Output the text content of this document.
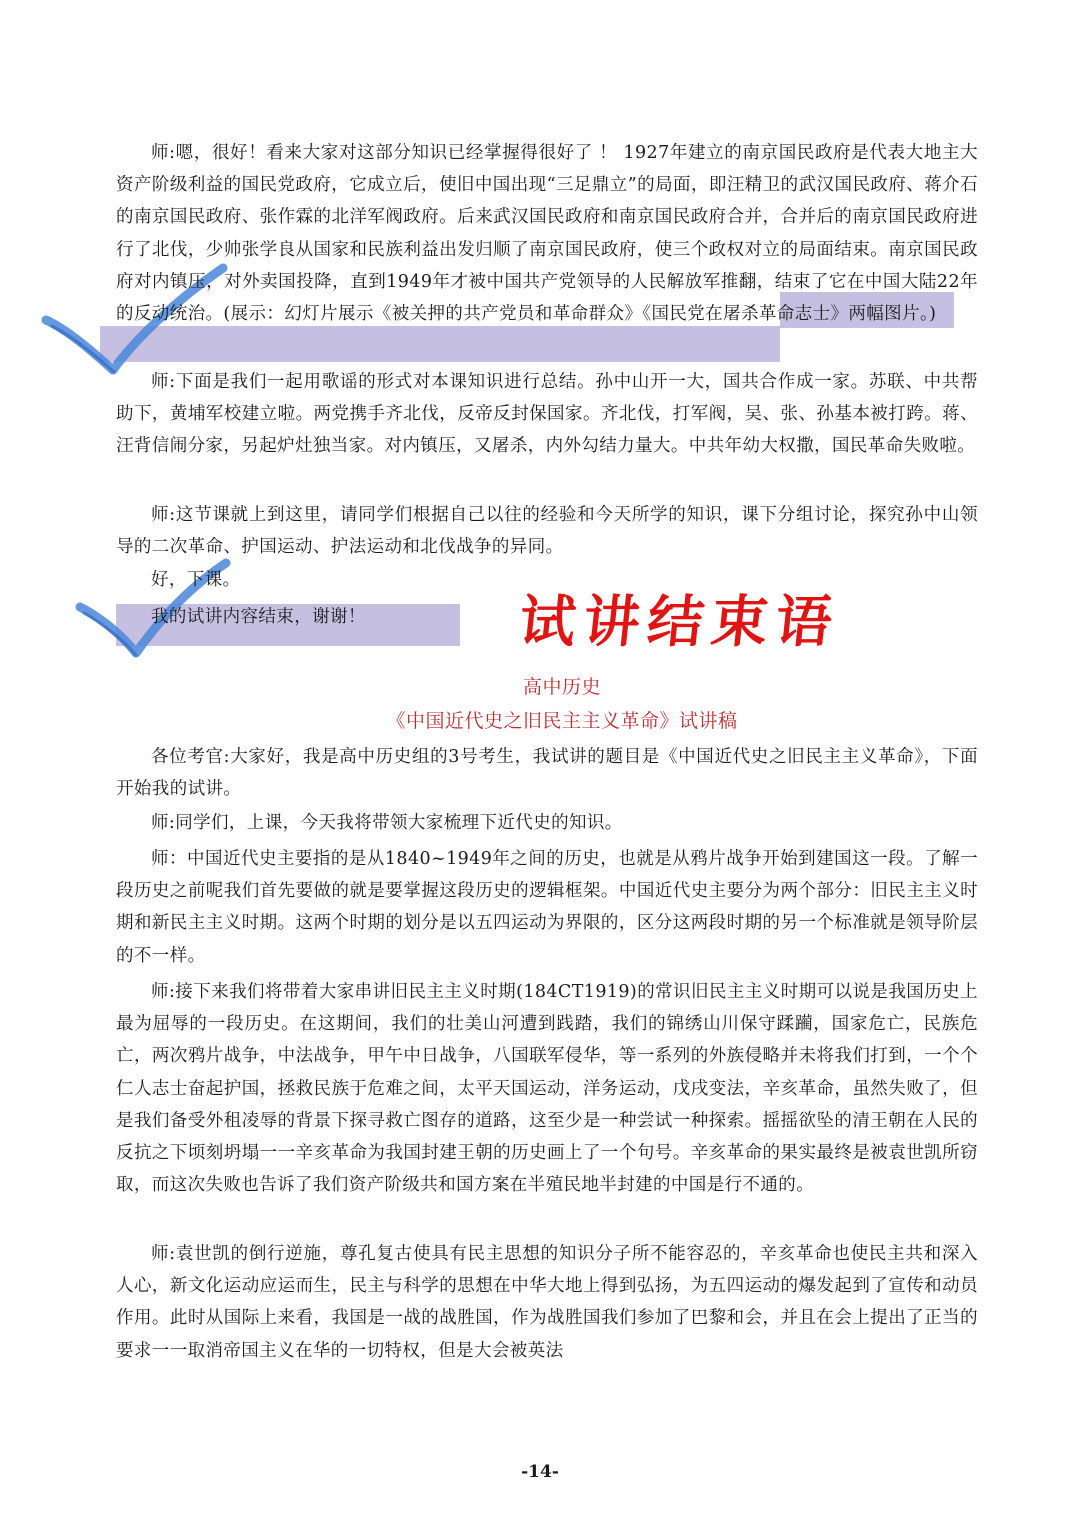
师:嗯，很好！看来大家对这部分知识已经掌握得很好了 ！ 1927年建立的南京国民政府是代表大地主大资产阶级利益的国民党政府，它成立后，使旧中国出现“三足鼎立”的局面，即汪精卫的武汉国民政府、蒋介石的南京国民政府、张作霖的北洋军阀政府。后来武汉国民政府和南京国民政府合并，合并后的南京国民政府进行了北伐，少帅张学良从国家和民族利益出发归顺了南京国民政府，使三个政权对立的局面结束。南京国民政府对内镇压，对外卖国投降，直到1949年才被中国共产党领导的人民解放军推翻，结束了它在中国大陆22年的反动统治。(展示：幻灯片展示《被关押的共产党员和革命群众》《国民党在屠杀革命志士》两幅图片。)

师:下面是我们一起用歌谣的形式对本课知识进行总结。孙中山开一大，国共合作成一家。苏联、中共帮助下，黄埔军校建立啦。两党携手齐北伐，反帝反封保国家。齐北伐，打军阀，吴、张、孙基本被打跨。蒋、汪背信闹分家，另起炉灶独当家。对内镇压，又屠杀，内外勾结力量大。中共年幼大权撒，国民革命失败啦。

师:这节课就上到这里，请同学们根据自己以往的经验和今天所学的知识，课下分组讨论，探究孙中山领导的二次革命、护国运动、护法运动和北伐战争的异同。

好，下课。

我的试讲内容结束，谢谢！	试讲结束语
高中历史
《中国近代史之旧民主主义革命》试讲稿

各位考官:大家好，我是高中历史组的3号考生，我试讲的题目是《中国近代史之旧民主主义革命》，下面开始我的试讲。

师:同学们，上课，今天我将带领大家梳理下近代史的知识。

师：中国近代史主要指的是从1840~1949年之间的历史，也就是从鸦片战争开始到建国这一段。了解一段历史之前呢我们首先要做的就是要掌握这段历史的逻辑框架。中国近代史主要分为两个部分：旧民主主义时期和新民主主义时期。这两个时期的划分是以五四运动为界限的，区分这两段时期的另一个标准就是领导阶层的不一样。

师:接下来我们将带着大家串讲旧民主主义时期(184CT1919)的常识旧民主主义时期可以说是我国历史上最为屈辱的一段历史。在这期间，我们的壮美山河遭到践踏，我们的锦绣山川保守蹂躏，国家危亡，民族危亡，两次鸦片战争，中法战争，甲午中日战争，八国联军侵华，等一系列的外族侵略并未将我们打到，一个个仁人志士奋起护国，拯救民族于危难之间，太平天国运动，洋务运动，戊戌变法，辛亥革命，虽然失败了，但是我们备受外租凌辱的背景下探寻救亡图存的道路，这至少是一种尝试一种探索。摇摇欲坠的清王朝在人民的反抗之下顷刻坍塌一一辛亥革命为我国封建王朝的历史画上了一个句号。辛亥革命的果实最终是被袁世凯所窃取，而这次失败也告诉了我们资产阶级共和国方案在半殖民地半封建的中国是行不通的。

师:袁世凯的倒行逆施，尊孔复古使具有民主思想的知识分子所不能容忍的，辛亥革命也使民主共和深入人心，新文化运动应运而生，民主与科学的思想在中华大地上得到弘扬，为五四运动的爆发起到了宣传和动员作用。此时从国际上来看，我国是一战的战胜国，作为战胜国我们参加了巴黎和会，并且在会上提出了正当的要求一一取消帝国主义在华的一切特权，但是大会被英法

-14-
